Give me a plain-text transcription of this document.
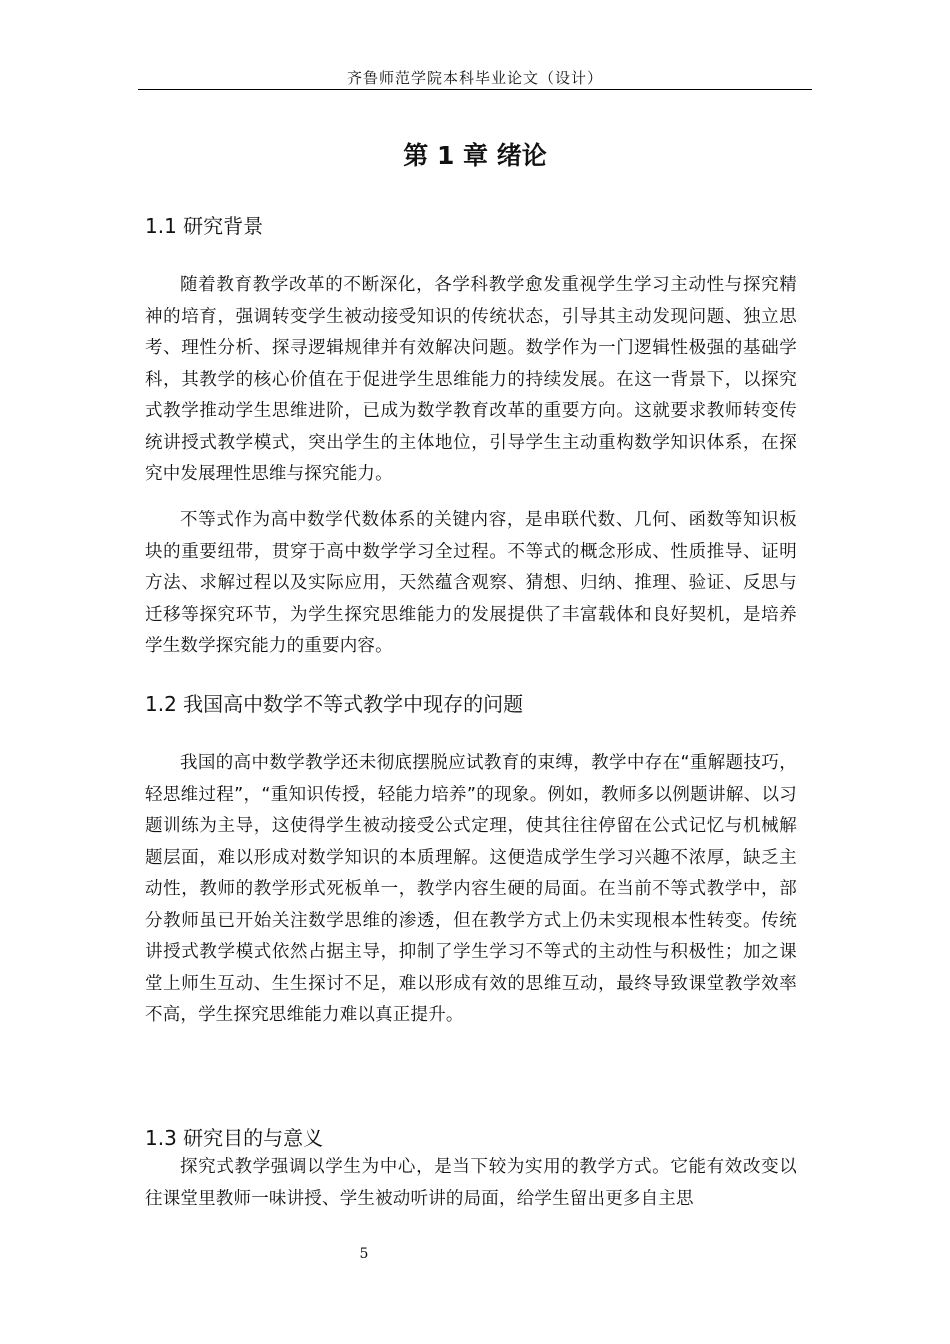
齐鲁师范学院本科毕业论文（设计）
第 1 章 绪论
1.1 研究背景
随着教育教学改革的不断深化，各学科教学愈发重视学生学习主动性与探究精神的培育，强调转变学生被动接受知识的传统状态，引导其主动发现问题、独立思考、理性分析、探寻逻辑规律并有效解决问题。数学作为一门逻辑性极强的基础学科，其教学的核心价值在于促进学生思维能力的持续发展。在这一背景下，以探究式教学推动学生思维进阶，已成为数学教育改革的重要方向。这就要求教师转变传统讲授式教学模式，突出学生的主体地位，引导学生主动重构数学知识体系，在探究中发展理性思维与探究能力。
不等式作为高中数学代数体系的关键内容，是串联代数、几何、函数等知识板块的重要纽带，贯穿于高中数学学习全过程。不等式的概念形成、性质推导、证明方法、求解过程以及实际应用，天然蕴含观察、猜想、归纳、推理、验证、反思与迁移等探究环节，为学生探究思维能力的发展提供了丰富载体和良好契机，是培养学生数学探究能力的重要内容。
1.2 我国高中数学不等式教学中现存的问题
我国的高中数学教学还未彻底摆脱应试教育的束缚，教学中存在“重解题技巧，轻思维过程”，“重知识传授，轻能力培养”的现象。例如，教师多以例题讲解、以习题训练为主导，这使得学生被动接受公式定理，使其往往停留在公式记忆与机械解题层面，难以形成对数学知识的本质理解。这便造成学生学习兴趣不浓厚，缺乏主动性，教师的教学形式死板单一，教学内容生硬的局面。在当前不等式教学中，部分教师虽已开始关注数学思维的渗透，但在教学方式上仍未实现根本性转变。传统讲授式教学模式依然占据主导，抑制了学生学习不等式的主动性与积极性；加之课堂上师生互动、生生探讨不足，难以形成有效的思维互动，最终导致课堂教学效率不高，学生探究思维能力难以真正提升。
1.3 研究目的与意义
探究式教学强调以学生为中心，是当下较为实用的教学方式。它能有效改变以往课堂里教师一味讲授、学生被动听讲的局面，给学生留出更多自主思
5
